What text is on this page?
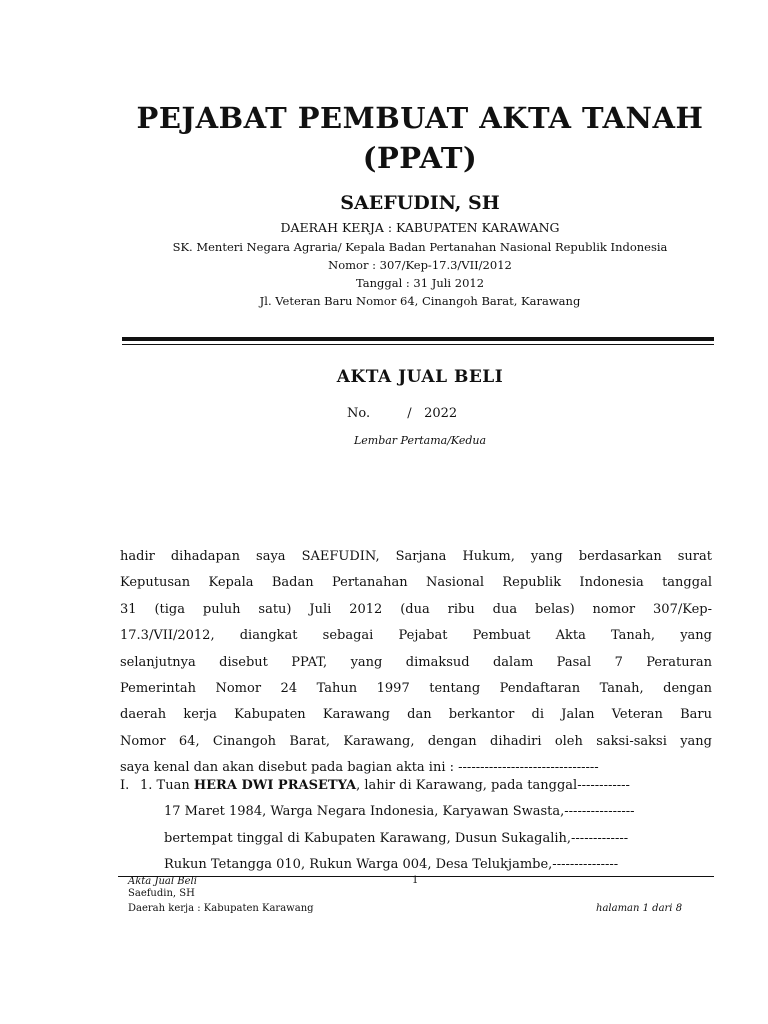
PEJABAT PEMBUAT AKTA TANAH
(PPAT)
SAEFUDIN, SH
DAERAH KERJA : KABUPATEN KARAWANG
SK. Menteri Negara Agraria/ Kepala Badan Pertanahan Nasional Republik Indonesia
Nomor : 307/Kep-17.3/VII/2012
Tanggal : 31 Juli 2012
Jl. Veteran Baru Nomor 64, Cinangoh Barat, Karawang
AKTA JUAL BELI
No.         /   2022
Lembar Pertama/Kedua
hadir dihadapan saya SAEFUDIN, Sarjana Hukum, yang berdasarkan surat
Keputusan Kepala Badan Pertanahan Nasional Republik Indonesia tanggal
31 (tiga puluh satu) Juli 2012 (dua ribu dua belas) nomor 307/Kep-
17.3/VII/2012, diangkat sebagai Pejabat Pembuat Akta Tanah, yang
selanjutnya disebut PPAT, yang dimaksud dalam Pasal 7 Peraturan
Pemerintah Nomor 24 Tahun 1997 tentang Pendaftaran Tanah, dengan
daerah kerja Kabupaten Karawang dan berkantor di Jalan Veteran Baru
Nomor 64, Cinangoh Barat, Karawang, dengan dihadiri oleh saksi-saksi yang
saya kenal dan akan disebut pada bagian akta ini : --------------------------------
I. 1. Tuan HERA DWI PRASETYA, lahir di Karawang, pada tanggal------------
17 Maret 1984, Warga Negara Indonesia, Karyawan Swasta,----------------
bertempat tinggal di Kabupaten Karawang, Dusun Sukagalih,-------------
Rukun Tetangga 010, Rukun Warga 004, Desa Telukjambe,---------------
Akta Jual Beli
Saefudin, SH
Daerah kerja : Kabupaten Karawang
1
halaman 1 dari 8
